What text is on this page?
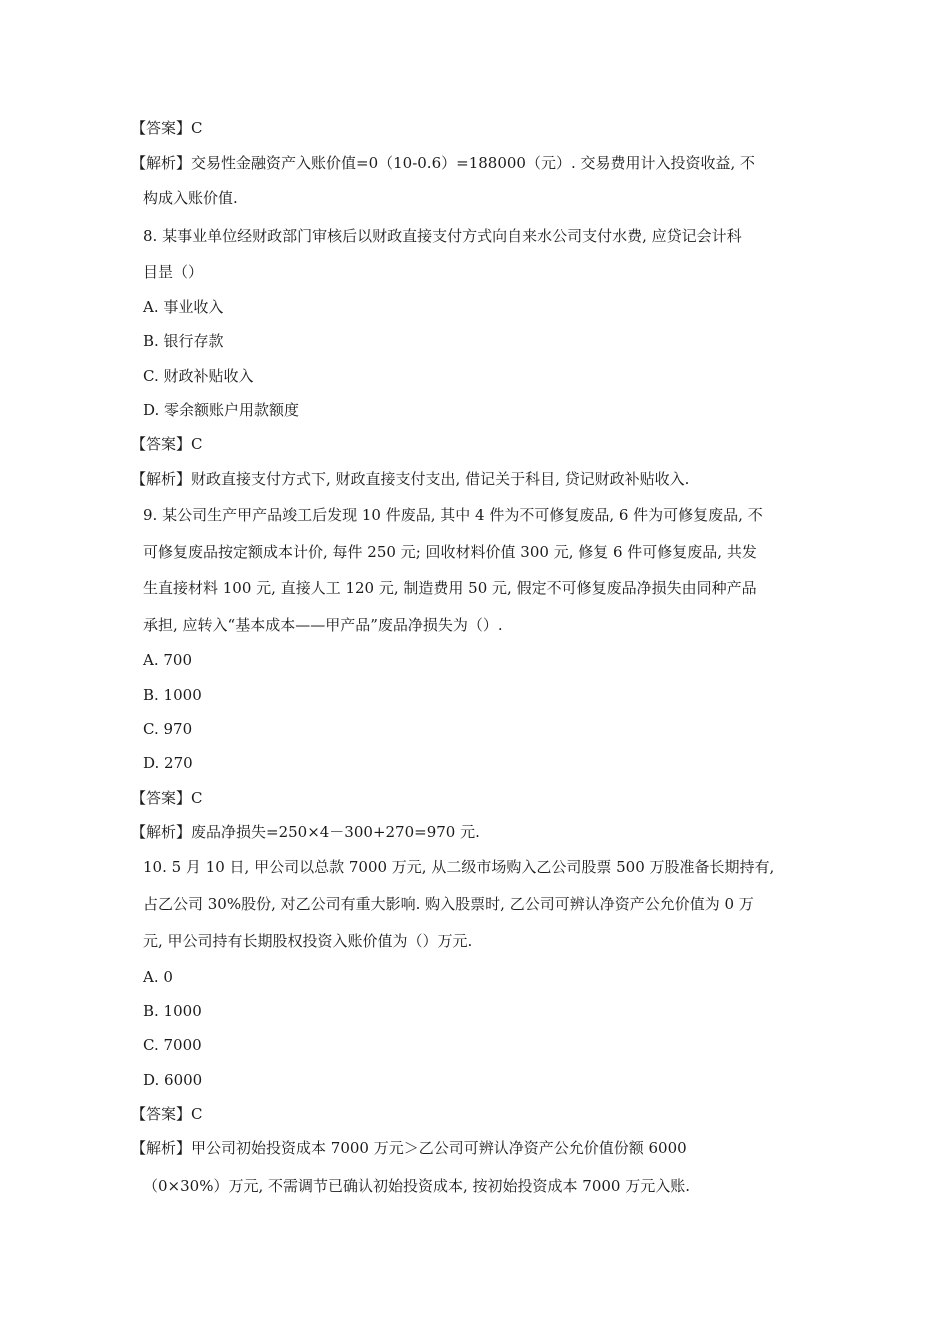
【答案】C
【解析】交易性金融资产入账价值=0（10-0.6）=188000（元）. 交易费用计入投资收益, 不
构成入账价值.
8. 某事业单位经财政部门审核后以财政直接支付方式向自来水公司支付水费, 应贷记会计科
目昰（）
A. 事业收入
B. 银行存款
C. 财政补贴收入
D. 零余额账户用款额度
【答案】C
【解析】财政直接支付方式下, 财政直接支付支出, 借记关于科目, 贷记财政补贴收入.
9. 某公司生产甲产品竣工后发现 10 件废品, 其中 4 件为不可修复废品, 6 件为可修复废品, 不
可修复废品按定额成本计价, 每件 250 元; 回收材料价值 300 元, 修复 6 件可修复废品, 共发
生直接材料 100 元, 直接人工 120 元, 制造费用 50 元, 假定不可修复废品净损失由同种产品
承担, 应转入“基本成本——甲产品”废品净损失为（）.
A. 700
B. 1000
C. 970
D. 270
【答案】C
【解析】废品净损失=250×4－300+270=970 元.
10. 5 月 10 日, 甲公司以总款 7000 万元, 从二级市场购入乙公司股票 500 万股准备长期持有,
占乙公司 30%股份, 对乙公司有重大影响. 购入股票时, 乙公司可辨认净资产公允价值为 0 万
元, 甲公司持有长期股权投资入账价值为（）万元.
A. 0
B. 1000
C. 7000
D. 6000
【答案】C
【解析】甲公司初始投资成本 7000 万元＞乙公司可辨认净资产公允价值份额 6000
（0×30%）万元, 不需调节已确认初始投资成本, 按初始投资成本 7000 万元入账.
